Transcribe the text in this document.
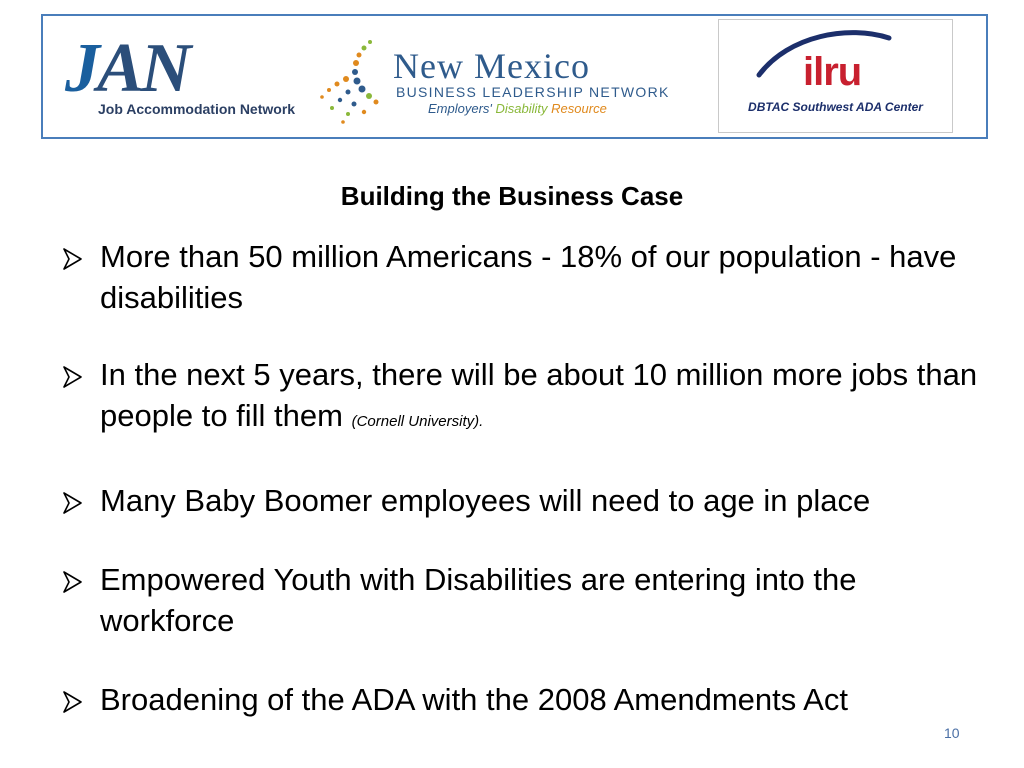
JAN
Job Accommodation Network
New Mexico
BUSINESS LEADERSHIP NETWORK
Employers' Disability Resource
ilru
DBTAC Southwest ADA Center
Building the Business Case
More than 50 million Americans - 18% of our population - have disabilities
In the next 5 years, there will be about 10 million more jobs than people to fill them (Cornell University).
Many Baby Boomer employees will need to age in place
Empowered Youth with Disabilities are entering into the workforce
Broadening of the ADA with the 2008 Amendments Act
10
